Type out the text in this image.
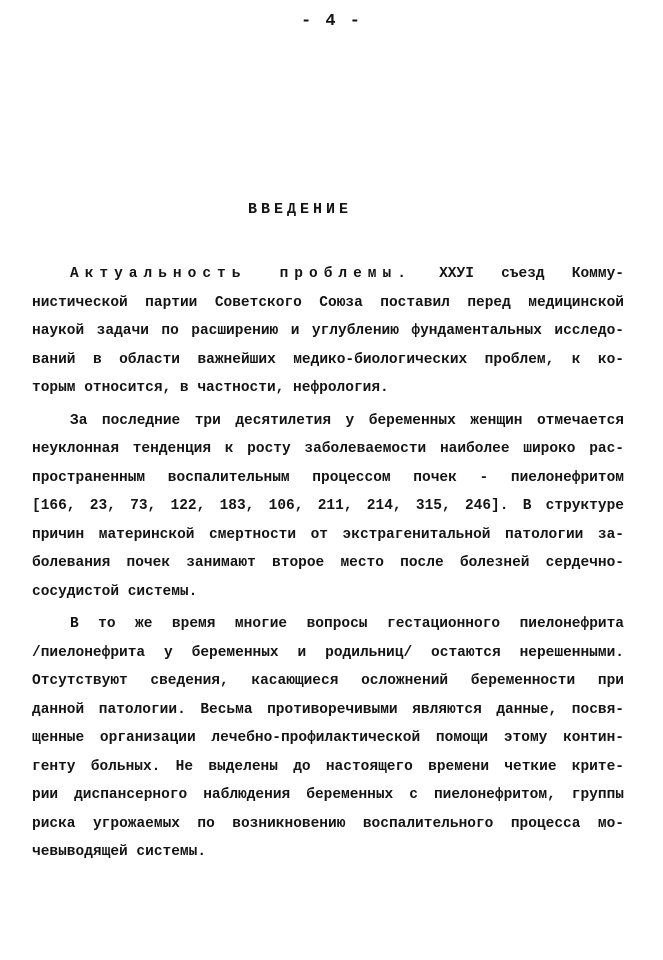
- 4 -
ВВЕДЕНИЕ
Актуальность проблемы. ХХУI съезд Комму-
нистической партии Советского Союза поставил перед медицинской
наукой задачи по расширению и углублению фундаментальных исследо-
ваний в области важнейших медико-биологических проблем, к ко-
торым относится, в частности, нефрология.
За последние три десятилетия у беременных женщин отмечается
неуклонная тенденция к росту заболеваемости наиболее широко рас-
пространенным воспалительным процессом почек - пиелонефритом
[166, 23, 73, 122, 183, 106, 211, 214, 315, 246]. В структуре
причин материнской смертности от экстрагенитальной патологии за-
болевания почек занимают второе место после болезней сердечно-
сосудистой системы.
В то же время многие вопросы гестационного пиелонефрита
/пиелонефрита у беременных и родильниц/ остаются нерешенными.
Отсутствуют сведения, касающиеся осложнений беременности при
данной патологии. Весьма противоречивыми являются данные, посвя-
щенные организации лечебно-профилактической помощи этому контин-
генту больных. Не выделены до настоящего времени четкие крите-
рии диспансерного наблюдения беременных с пиелонефритом, группы
риска угрожаемых по возникновению воспалительного процесса мо-
чевыводящей системы.
